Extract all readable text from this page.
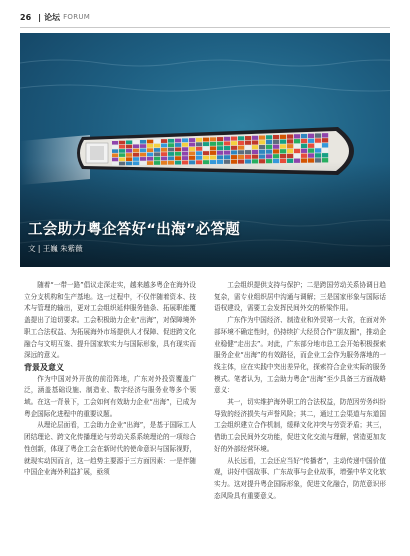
26 | 论坛 FORUM
工会助力粤企答好“出海”必答题
文 | 王巍 朱紫薇

随着“一带一路”倡议走深走实，越来越多粤企在海外设立分支机构和生产基地。这一过程中，不仅伴随着资本、技术与管理的输出，更对工会组织延伸服务链条、拓展职能覆盖提出了迫切要求。工会积极助力企业“出海”，对保障境外职工合法权益、为拓展海外市场提供人才保障、促进跨文化融合与文明互鉴、提升国家软实力与国际形象，具有现实而深远的意义。

背景及意义

作为中国对外开放的前沿阵地，广东对外投资覆盖广泛，涵盖基础设施、制造业、数字经济与服务业等多个领域。在这一背景下，工会如何有效助力企业“出海”，已成为粤企国际化进程中的重要议题。

从理论层面看，工会助力企业“出海”，是基于国际工人团结理论、跨文化传播理论与劳动关系系统理论的一项综合性创新，体现了粤企工会在新时代的使命意识与国际视野，就现实动因而言，这一趋势主要源于三方面因素：一是伴随中国企业海外利益扩展，亟须

工会组织提供支持与保护；二是跨国劳动关系协调日趋复杂，需专业组织居中沟通与调解；三是国家形象与国际话语权建设，需要工会发挥民间外交的桥梁作用。

广东作为中国经济、制造业和外贸第一大省，在面对外部环境不确定性时，仍持续扩大经贸合作“朋友圈”，推动企业稳健“走出去”。对此，广东部分地市总工会开始积极探索服务企业“出海”的有效路径，而企业工会作为服务落地的一线主体，应在实践中突出差异化，探索符合企业实际的服务模式。笔者认为，工会助力粤企“出海”至少具备三方面战略意义：

其一，切实维护海外职工的合法权益，防范因劳务纠纷导致的经济损失与声誉风险；其二，通过工会渠道与东道国工会组织建立合作机制，缓释文化冲突与劳资矛盾；其三，借助工会民间外交功能，促进文化交流与理解，营造更加友好的外部经营环境。

从长远看，工会还应当好“传播者”，主动传递中国价值观，讲好中国故事、广东故事与企业故事，增强中华文化软实力。这对提升粤企国际形象，促进文化融合，防范意识形态风险具有重要意义。
